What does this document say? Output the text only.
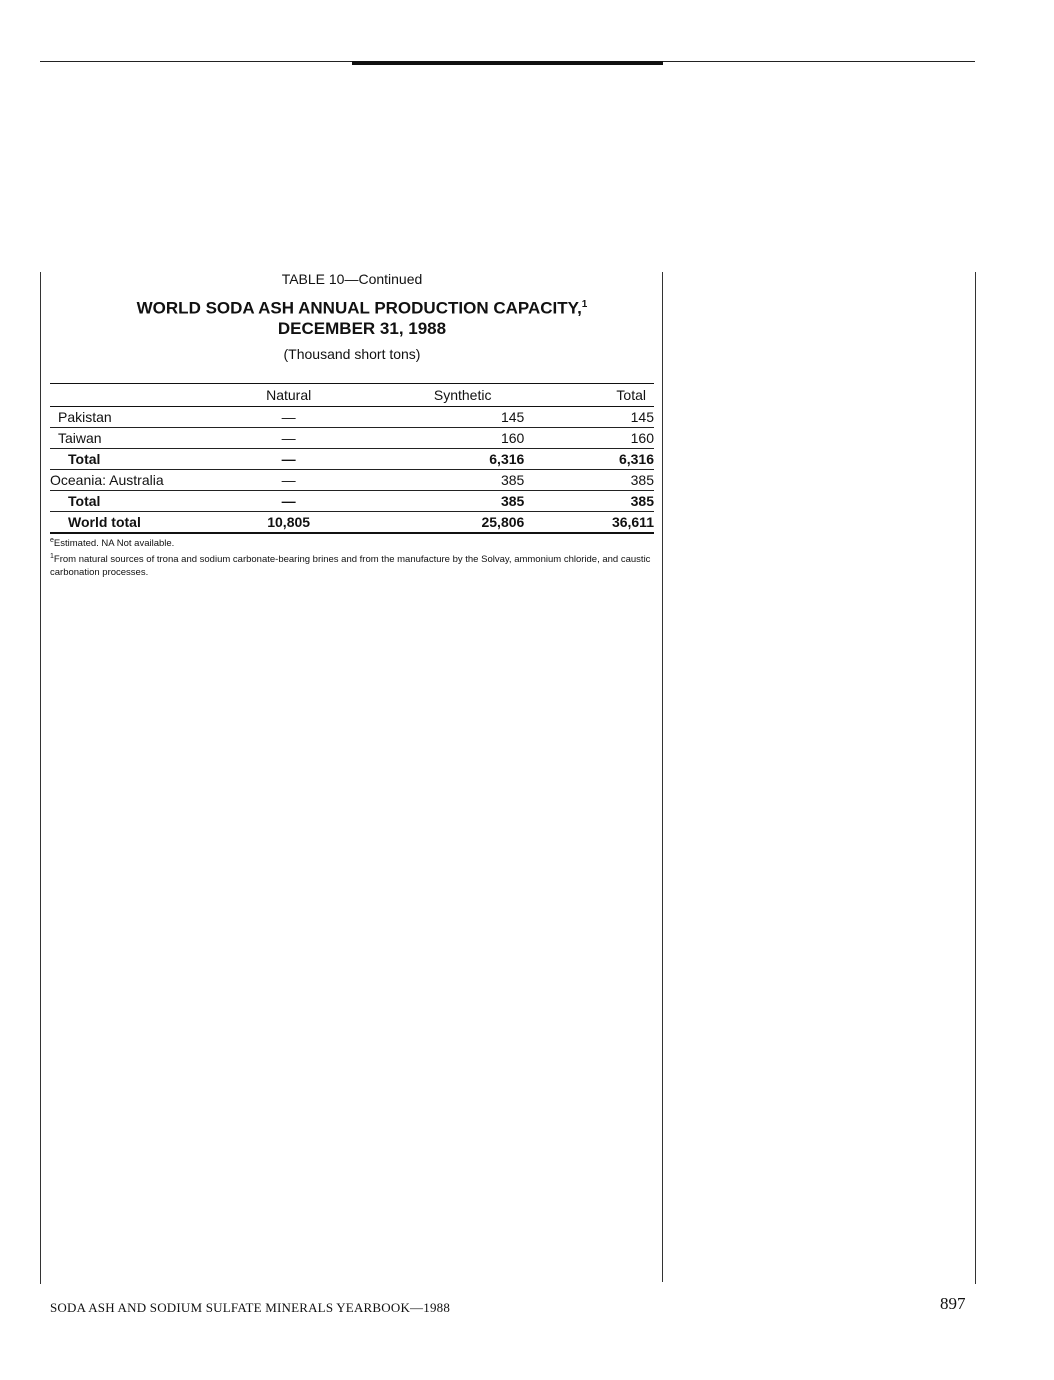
TABLE 10—Continued
WORLD SODA ASH ANNUAL PRODUCTION CAPACITY,$^1$
DECEMBER 31, 1988
(Thousand short tons)
	Natural	Synthetic	Total
Pakistan	—	145	145
Taiwan	—	160	160
Total	—	6,316	6,316
Oceania: Australia	—	385	385
Total	—	385	385
World total	10,805	25,806	36,611
$^e$Estimated. NA Not available.
$^1$From natural sources of trona and sodium carbonate-bearing brines and from the manufacture by the Solvay, ammonium chloride, and caustic carbonation processes.
SODA ASH AND SODIUM SULFATE MINERALS YEARBOOK—1988	897
